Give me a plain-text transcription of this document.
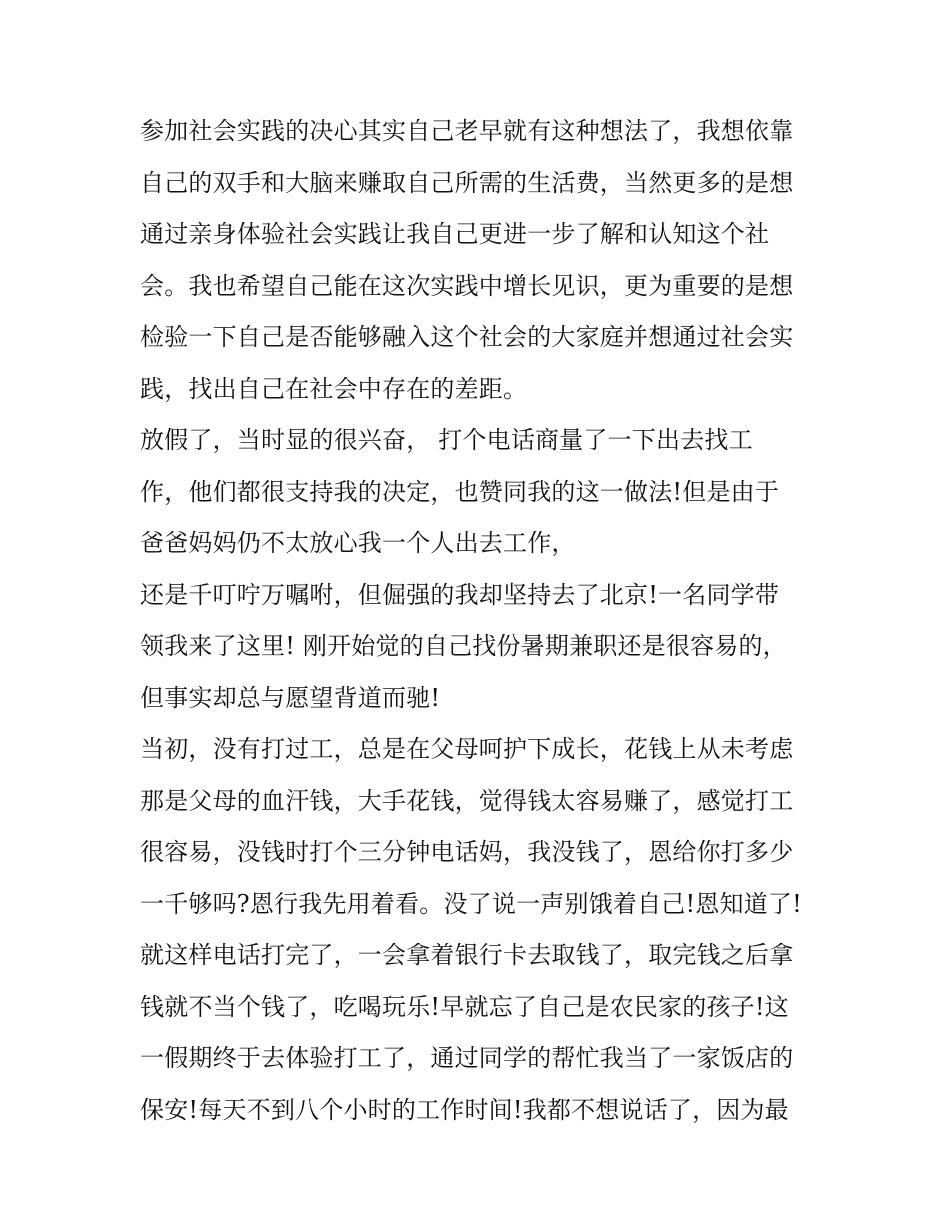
参加社会实践的决心其实自己老早就有这种想法了，我想依靠
自己的双手和大脑来赚取自己所需的生活费，当然更多的是想
通过亲身体验社会实践让我自己更进一步了解和认知这个社
会。我也希望自己能在这次实践中增长见识，更为重要的是想
检验一下自己是否能够融入这个社会的大家庭并想通过社会实
践，找出自己在社会中存在的差距。
放假了，当时显的很兴奋， 打个电话商量了一下出去找工
作，他们都很支持我的决定，也赞同我的这一做法!但是由于
爸爸妈妈仍不太放心我一个人出去工作，
还是千叮咛万嘱咐，但倔强的我却坚持去了北京!一名同学带
领我来了这里! 刚开始觉的自己找份暑期兼职还是很容易的，
但事实却总与愿望背道而驰!
当初，没有打过工，总是在父母呵护下成长，花钱上从未考虑
那是父母的血汗钱，大手花钱，觉得钱太容易赚了，感觉打工
很容易，没钱时打个三分钟电话妈，我没钱了，恩给你打多少
一千够吗?恩行我先用着看。没了说一声别饿着自己!恩知道了!
就这样电话打完了，一会拿着银行卡去取钱了，取完钱之后拿
钱就不当个钱了，吃喝玩乐!早就忘了自己是农民家的孩子!这
一假期终于去体验打工了，通过同学的帮忙我当了一家饭店的
保安!每天不到八个小时的工作时间!我都不想说话了，因为最
